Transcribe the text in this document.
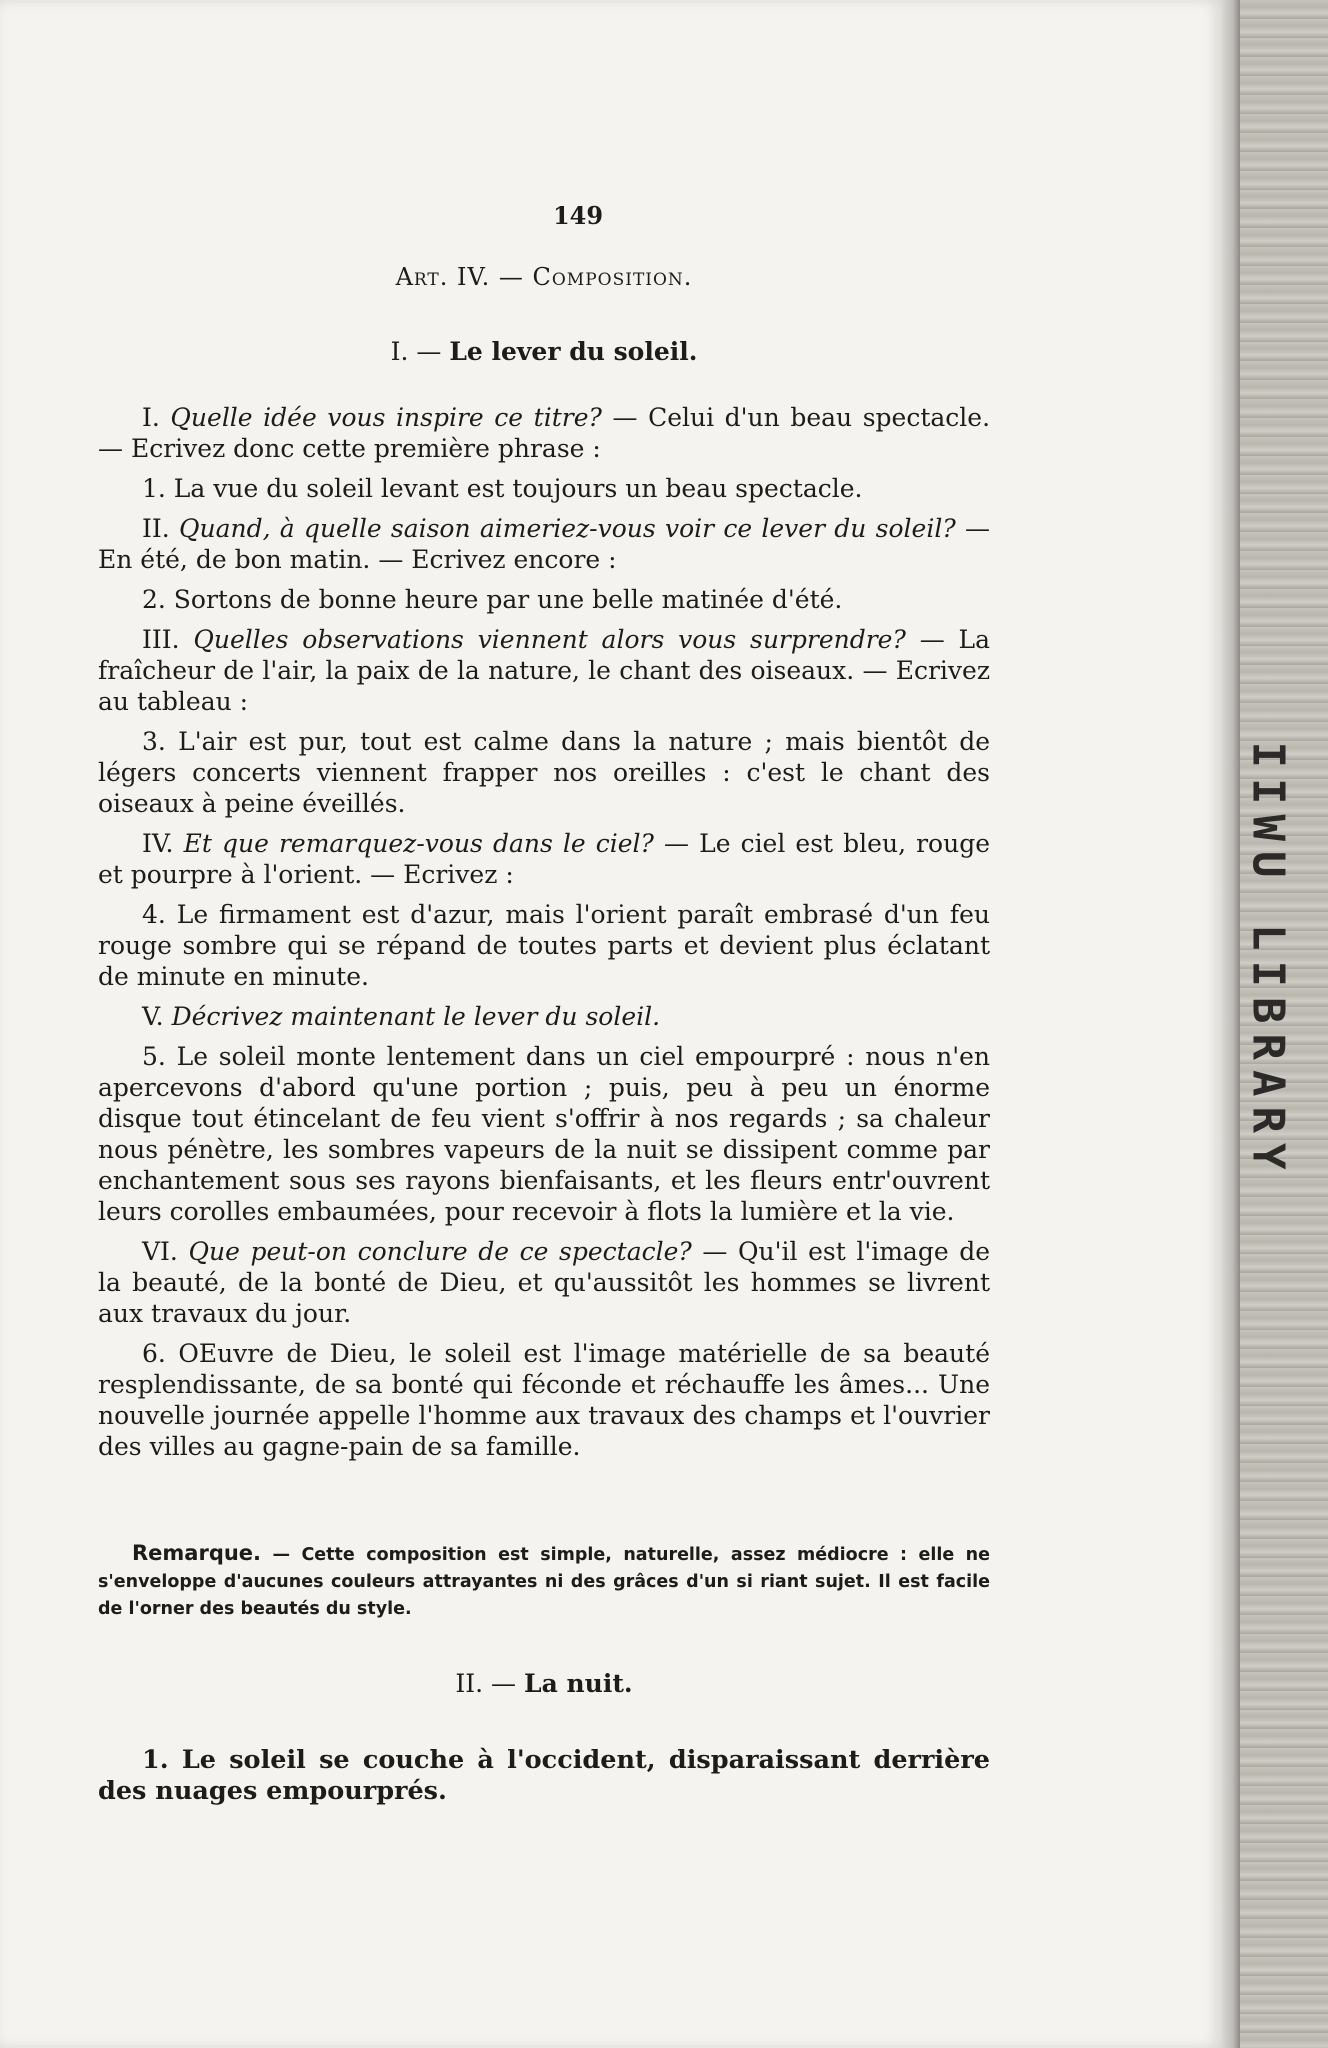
IIWU LIBRARY
149
Art. IV. — Composition.
I. — Le lever du soleil.

I. Quelle idée vous inspire ce titre? — Celui d'un beau spectacle. — Ecrivez donc cette première phrase :

1. La vue du soleil levant est toujours un beau spectacle.

II. Quand, à quelle saison aimeriez-vous voir ce lever du soleil? — En été, de bon matin. — Ecrivez encore :

2. Sortons de bonne heure par une belle matinée d'été.

III. Quelles observations viennent alors vous surprendre? — La fraîcheur de l'air, la paix de la nature, le chant des oiseaux. — Ecrivez au tableau :

3. L'air est pur, tout est calme dans la nature ; mais bientôt de légers concerts viennent frapper nos oreilles : c'est le chant des oiseaux à peine éveillés.

IV. Et que remarquez-vous dans le ciel? — Le ciel est bleu, rouge et pourpre à l'orient. — Ecrivez :

4. Le firmament est d'azur, mais l'orient paraît embrasé d'un feu rouge sombre qui se répand de toutes parts et devient plus éclatant de minute en minute.

V. Décrivez maintenant le lever du soleil.

5. Le soleil monte lentement dans un ciel empourpré : nous n'en apercevons d'abord qu'une portion ; puis, peu à peu un énorme disque tout étincelant de feu vient s'offrir à nos regards ; sa chaleur nous pénètre, les sombres vapeurs de la nuit se dissipent comme par enchantement sous ses rayons bienfaisants, et les fleurs entr'ouvrent leurs corolles embaumées, pour recevoir à flots la lumière et la vie.

VI. Que peut-on conclure de ce spectacle? — Qu'il est l'image de la beauté, de la bonté de Dieu, et qu'aussitôt les hommes se livrent aux travaux du jour.

6. OEuvre de Dieu, le soleil est l'image matérielle de sa beauté resplendissante, de sa bonté qui féconde et réchauffe les âmes... Une nouvelle journée appelle l'homme aux travaux des champs et l'ouvrier des villes au gagne-pain de sa famille.

Remarque. — Cette composition est simple, naturelle, assez médiocre : elle ne s'enveloppe d'aucunes couleurs attrayantes ni des grâces d'un si riant sujet. Il est facile de l'orner des beautés du style.
II. — La nuit.

1. Le soleil se couche à l'occident, disparaissant derrière des nuages empourprés.
